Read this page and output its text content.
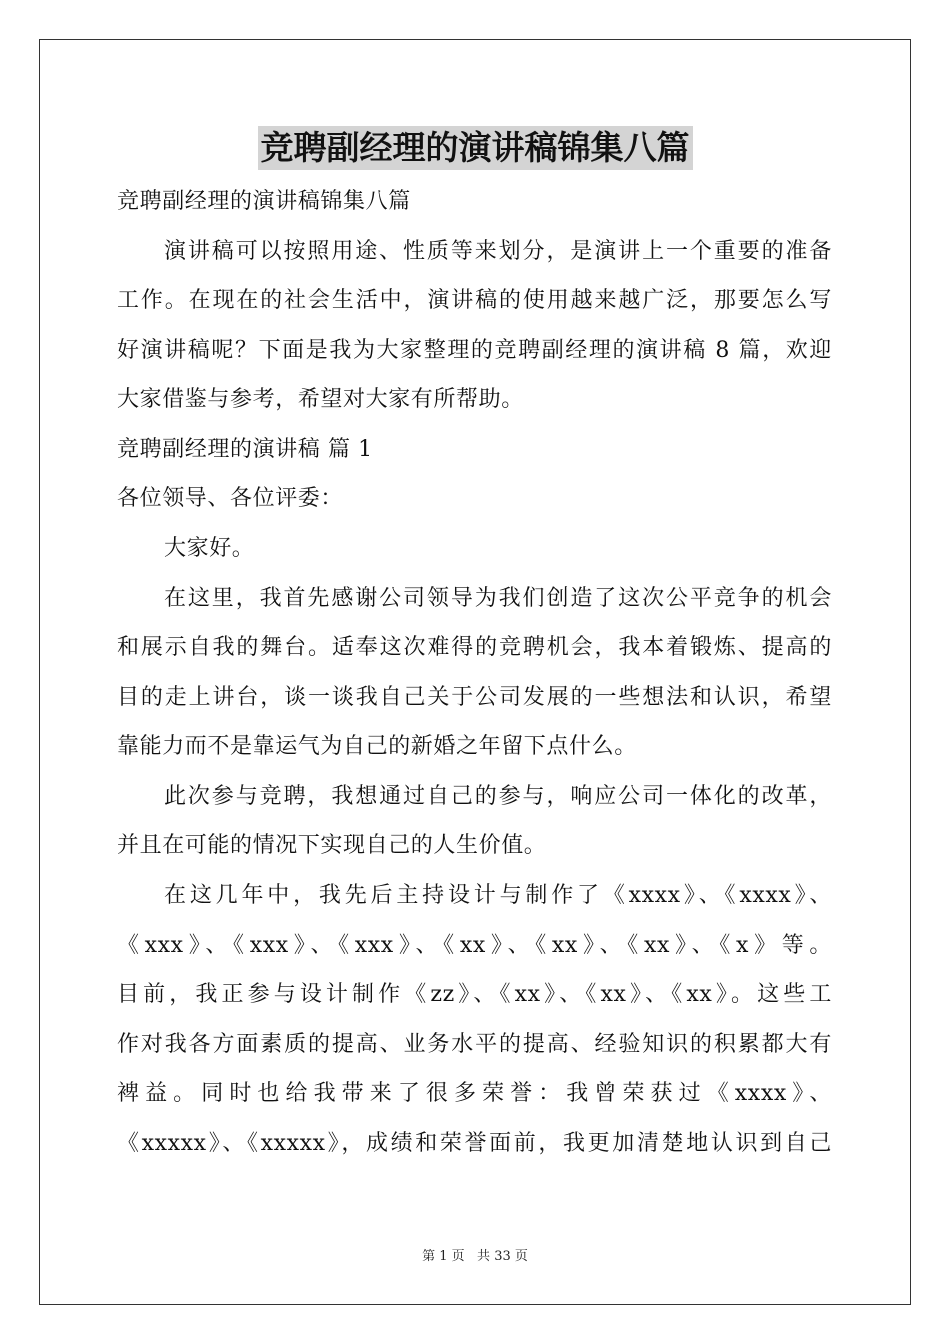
竞聘副经理的演讲稿锦集八篇
竞聘副经理的演讲稿锦集八篇
演讲稿可以按照用途、性质等来划分，是演讲上一个重要的准备
工作。在现在的社会生活中，演讲稿的使用越来越广泛，那要怎么写
好演讲稿呢？下面是我为大家整理的竞聘副经理的演讲稿 8 篇，欢迎
大家借鉴与参考，希望对大家有所帮助。
竞聘副经理的演讲稿 篇 1
各位领导、各位评委：
大家好。
在这里，我首先感谢公司领导为我们创造了这次公平竞争的机会
和展示自我的舞台。适奉这次难得的竞聘机会，我本着锻炼、提高的
目的走上讲台，谈一谈我自己关于公司发展的一些想法和认识，希望
靠能力而不是靠运气为自己的新婚之年留下点什么。
此次参与竞聘，我想通过自己的参与，响应公司一体化的改革，
并且在可能的情况下实现自己的人生价值。
在这几年中，我先后主持设计与制作了《xxxx》、《xxxx》、
《xxx》、《xxx》、《xxx》、《xx》、《xx》、《xx》、《x》等。
目前，我正参与设计制作《zz》、《xx》、《xx》、《xx》。这些工
作对我各方面素质的提高、业务水平的提高、经验知识的积累都大有
裨益。同时也给我带来了很多荣誉：我曾荣获过《xxxx》、
《xxxxx》、《xxxxx》，成绩和荣誉面前，我更加清楚地认识到自己
第 1 页   共 33 页
